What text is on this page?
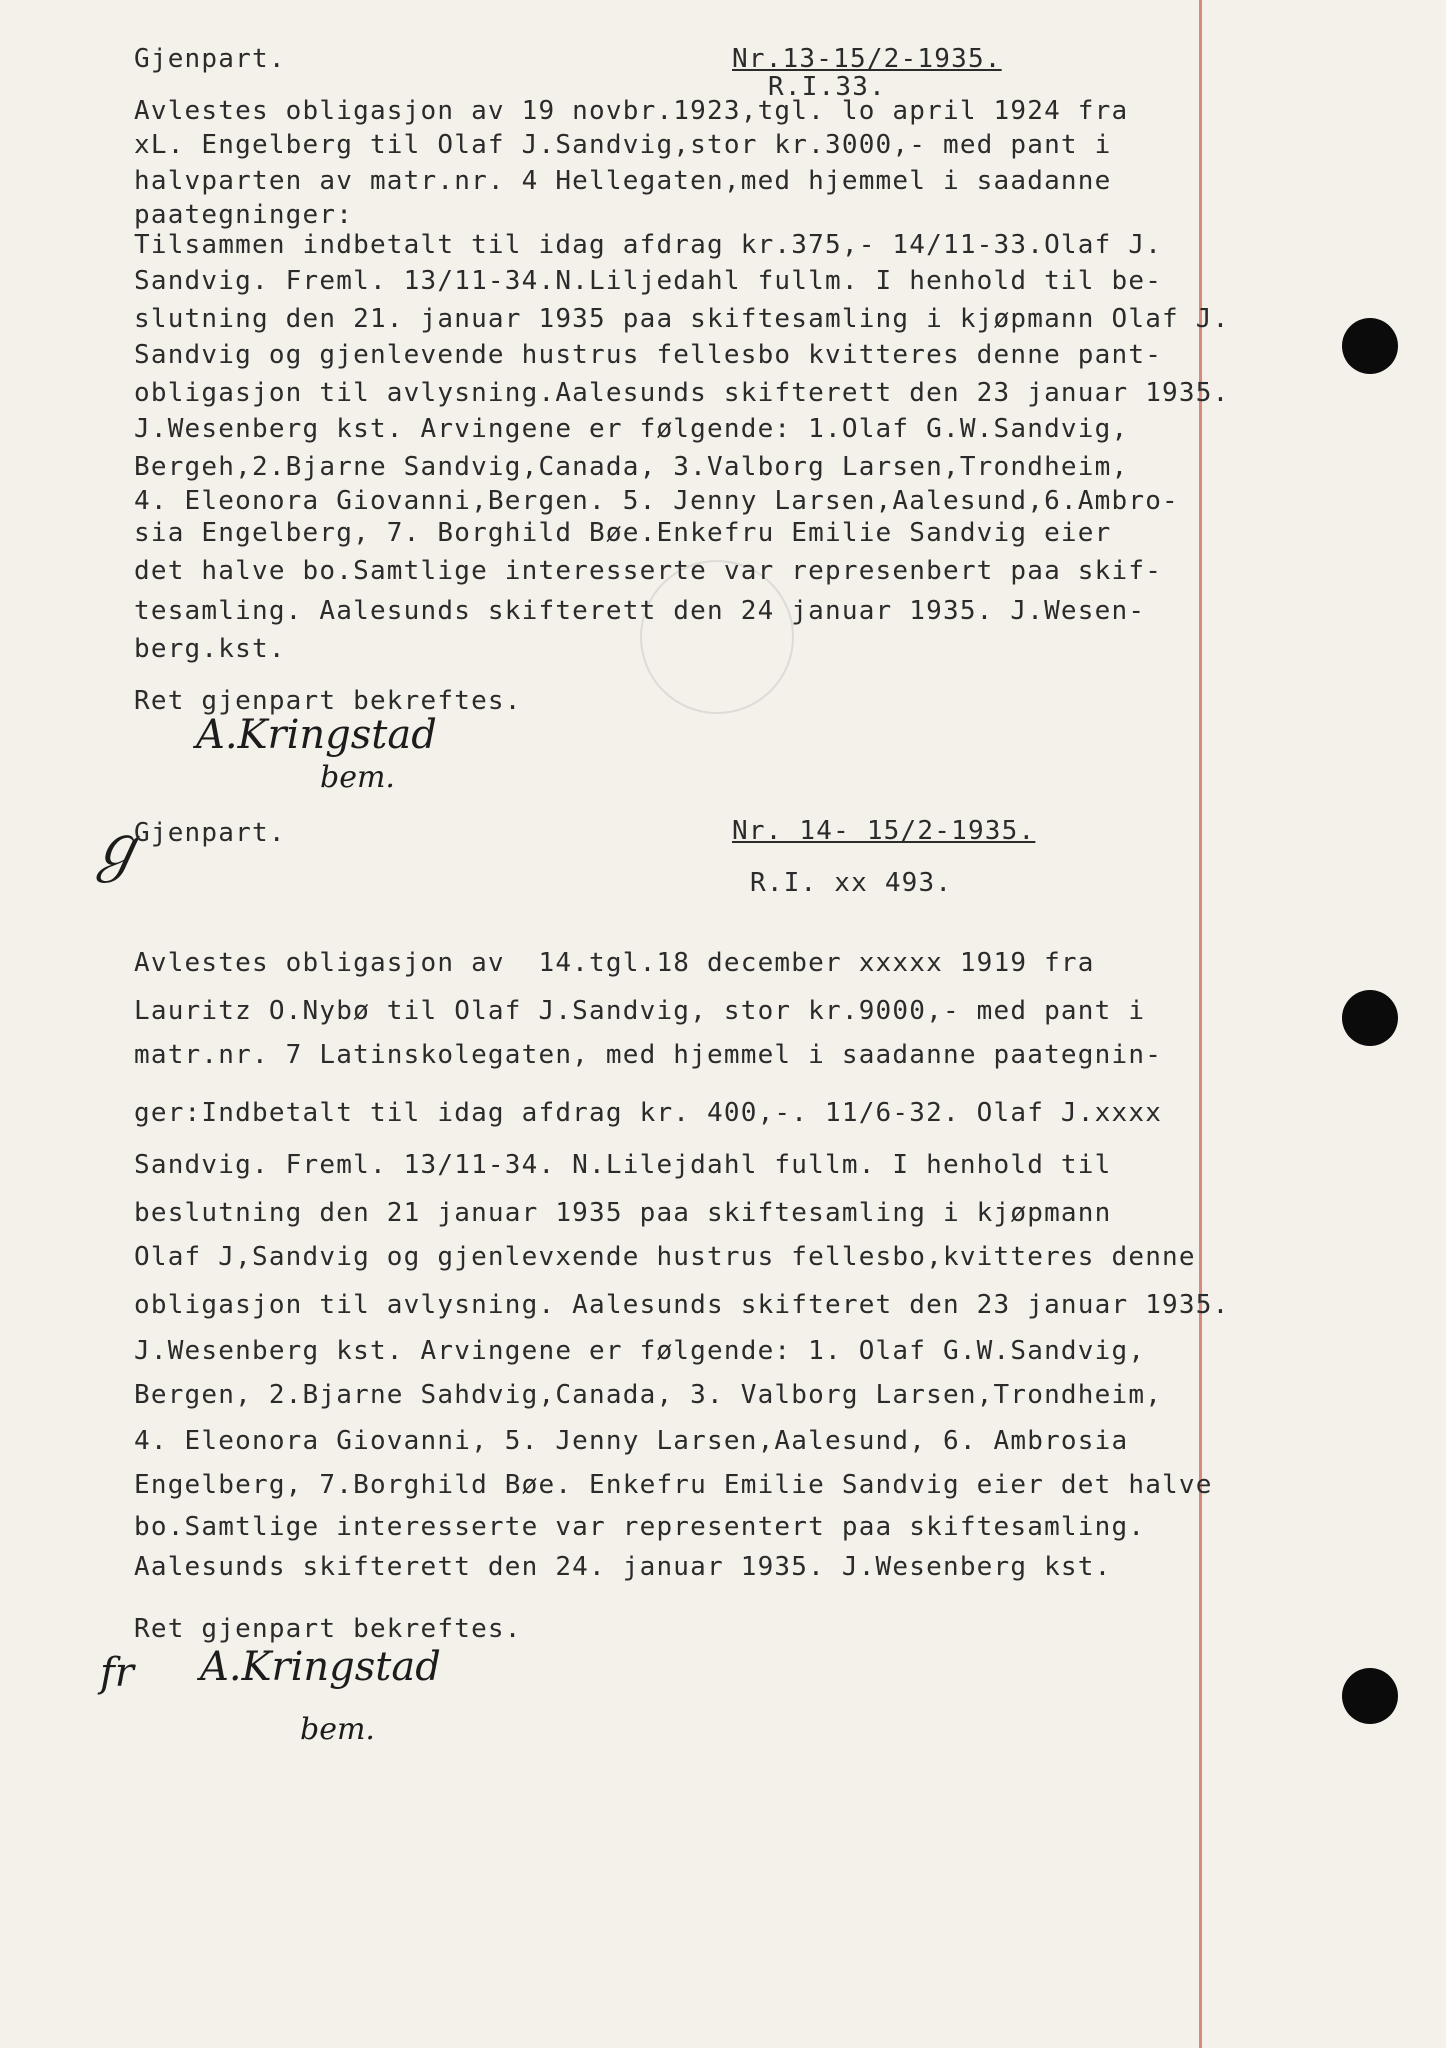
Gjenpart.	Nr.13-15/2-1935.
R.I.33.
Avlestes obligasjon av 19 novbr.1923,tgl. lo april 1924 fra
xL. Engelberg til Olaf J.Sandvig,stor kr.3000,- med pant i
halvparten av matr.nr. 4 Hellegaten,med hjemmel i saadanne
paategninger:
Tilsammen indbetalt til idag afdrag kr.375,- 14/11-33.Olaf J.
Sandvig. Freml. 13/11-34.N.Liljedahl fullm. I henhold til be-
slutning den 21. januar 1935 paa skiftesamling i kjøpmann Olaf J.
Sandvig og gjenlevende hustrus fellesbo kvitteres denne pant-
obligasjon til avlysning.Aalesunds skifterett den 23 januar 1935.
J.Wesenberg kst. Arvingene er følgende: 1.Olaf G.W.Sandvig,
Bergeh,2.Bjarne Sandvig,Canada, 3.Valborg Larsen,Trondheim,
4. Eleonora Giovanni,Bergen. 5. Jenny Larsen,Aalesund,6.Ambro-
sia Engelberg, 7. Borghild Bøe.Enkefru Emilie Sandvig eier
det halve bo.Samtlige interesserte var represenbert paa skif-
tesamling. Aalesunds skifterett den 24 januar 1935. J.Wesen-
berg.kst.
Ret gjenpart bekreftes.
A.Kringstad
bem.
ℊ
Gjenpart.	Nr. 14- 15/2-1935.
R.I. xx 493.
Avlestes obligasjon av  14.tgl.18 december xxxxx 1919 fra
Lauritz O.Nybø til Olaf J.Sandvig, stor kr.9000,- med pant i
matr.nr. 7 Latinskolegaten, med hjemmel i saadanne paategnin-
ger:Indbetalt til idag afdrag kr. 400,-. 11/6-32. Olaf J.xxxx
Sandvig. Freml. 13/11-34. N.Lilejdahl fullm. I henhold til
beslutning den 21 januar 1935 paa skiftesamling i kjøpmann
Olaf J,Sandvig og gjenlevxende hustrus fellesbo,kvitteres denne
obligasjon til avlysning. Aalesunds skifteret den 23 januar 1935.
J.Wesenberg kst. Arvingene er følgende: 1. Olaf G.W.Sandvig,
Bergen, 2.Bjarne Sahdvig,Canada, 3. Valborg Larsen,Trondheim,
4. Eleonora Giovanni, 5. Jenny Larsen,Aalesund, 6. Ambrosia
Engelberg, 7.Borghild Bøe. Enkefru Emilie Sandvig eier det halve
bo.Samtlige interesserte var representert paa skiftesamling.
Aalesunds skifterett den 24. januar 1935. J.Wesenberg kst.
Ret gjenpart bekreftes.
fr A.Kringstad
bem.
